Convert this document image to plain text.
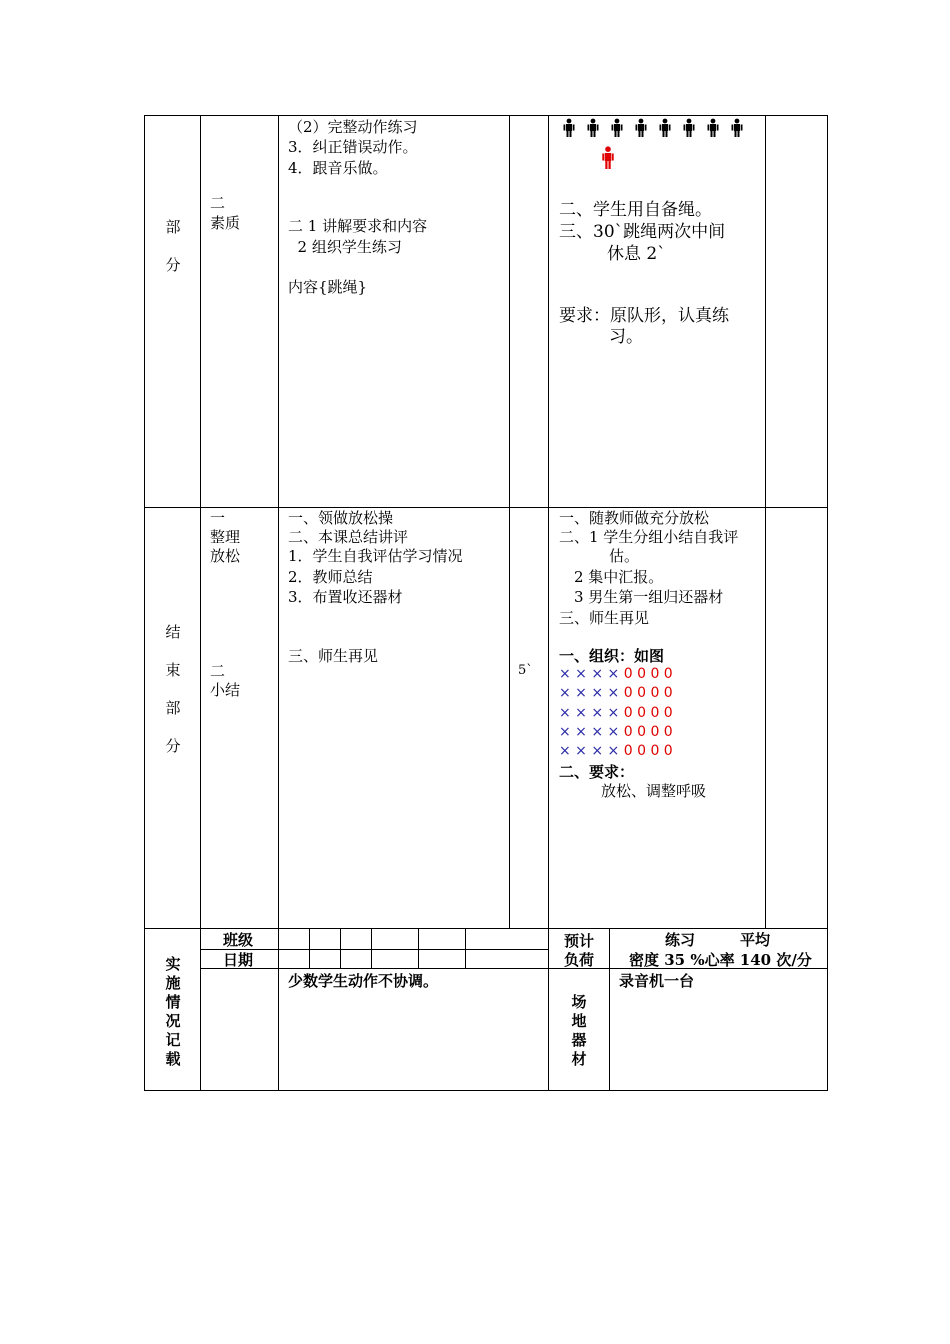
部
分
二
素质
（2）完整动作练习
3．纠正错误动作。
4．跟音乐做。
二 1 讲解要求和内容
2 组织学生练习
内容{跳绳}
二、学生用自备绳。
三、30`跳绳两次中间
休息 2`
要求：原队形，认真练
习。
结
束
部
分
一
整理
放松
二
小结
一、领做放松操
二、本课总结讲评
1．学生自我评估学习情况
2．教师总结
3．布置收还器材
三、师生再见
5`
一、随教师做充分放松
二、1 学生分组小结自我评
估。
2 集中汇报。
3 男生第一组归还器材
三、师生再见
一、组织：如图
× × × × 0 0 0 0
× × × × 0 0 0 0
× × × × 0 0 0 0
× × × × 0 0 0 0
× × × × 0 0 0 0
二、要求：
放松、调整呼吸
实
施
情
况
记
载
班级
日期
预计
负荷
练习	平均
密度 35 %心率 140 次/分
少数学生动作不协调。
场
地
器
材
录音机一台
